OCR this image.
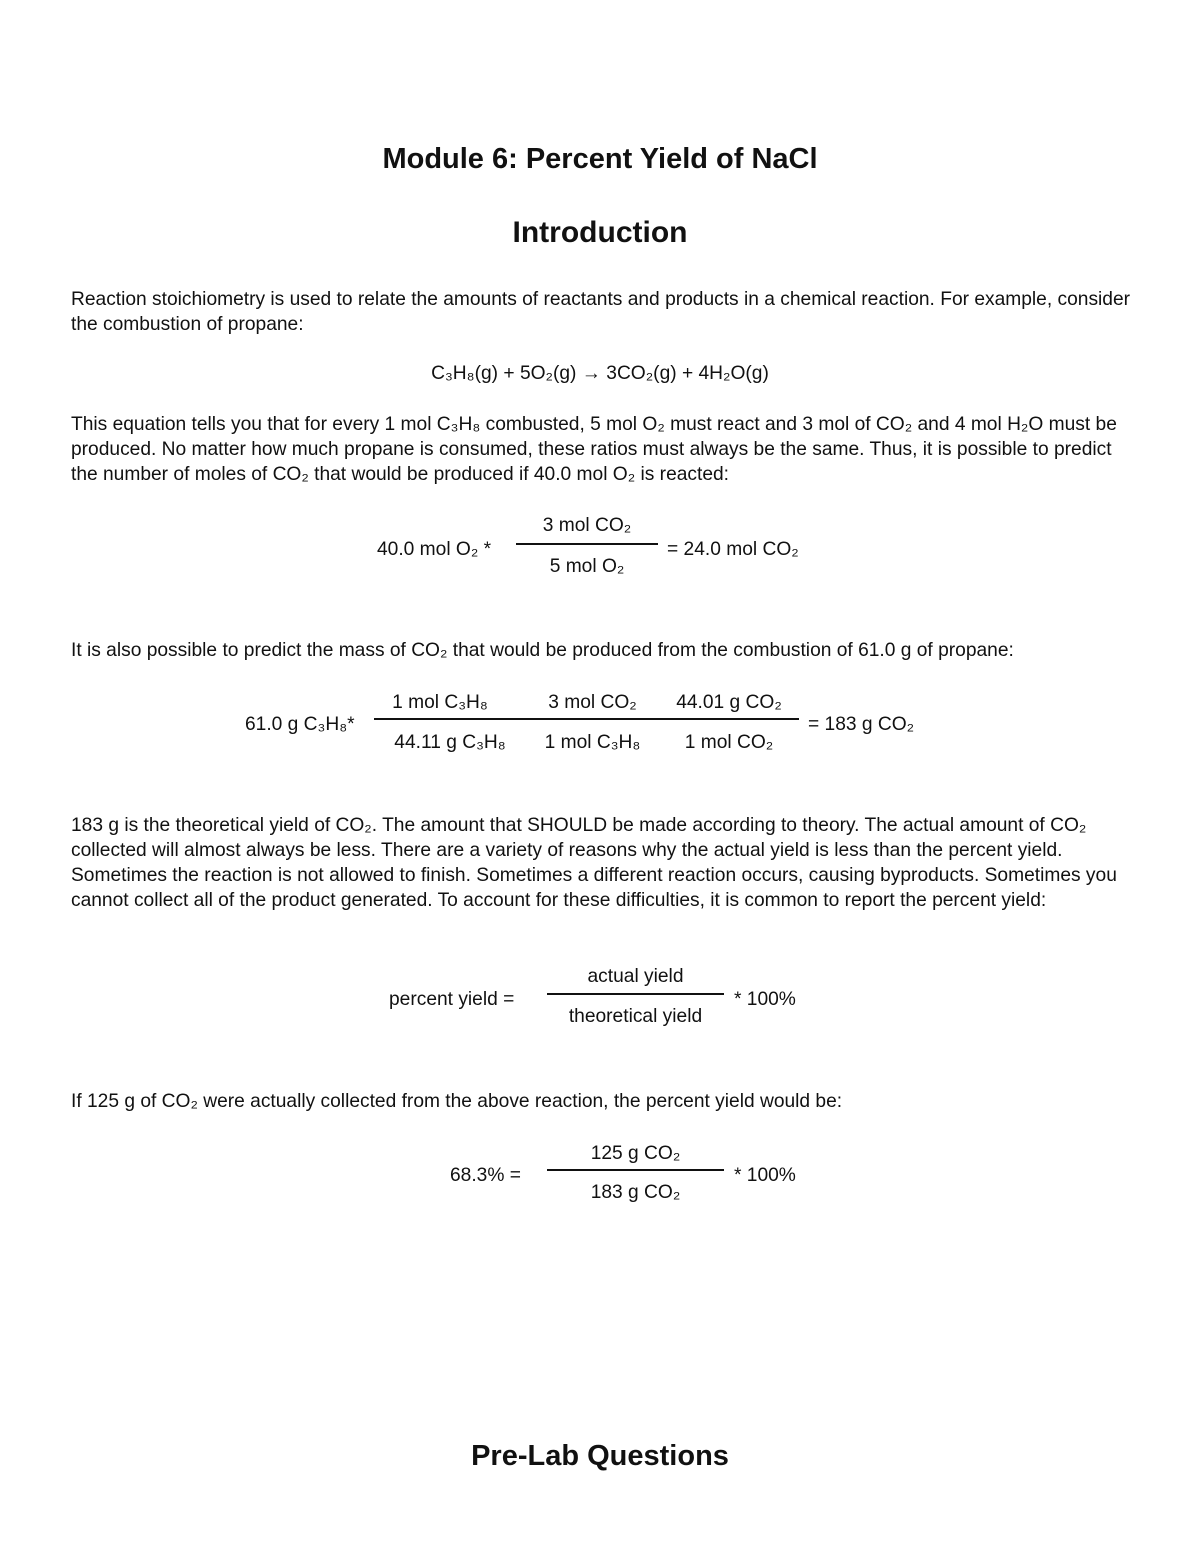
Module 6: Percent Yield of NaCl
Introduction
Reaction stoichiometry is used to relate the amounts of reactants and products in a chemical reaction. For example, consider the combustion of propane:
C₃H₈(g) + 5O₂(g) → 3CO₂(g) + 4H₂O(g)
This equation tells you that for every 1 mol C₃H₈ combusted, 5 mol O₂ must react and 3 mol of CO₂ and 4 mol H₂O must be produced. No matter how much propane is consumed, these ratios must always be the same. Thus, it is possible to predict the number of moles of CO₂ that would be produced if 40.0 mol O₂ is reacted:
40.0 mol O₂ *
3 mol CO₂
5 mol O₂
= 24.0 mol CO₂
It is also possible to predict the mass of CO₂ that would be produced from the combustion of 61.0 g of propane:
61.0 g C₃H₈*
1 mol C₃H₈
44.11 g C₃H₈
3 mol CO₂
1 mol C₃H₈
44.01 g CO₂
1 mol CO₂
= 183 g CO₂
183 g is the theoretical yield of CO₂. The amount that SHOULD be made according to theory. The actual amount of CO₂ collected will almost always be less. There are a variety of reasons why the actual yield is less than the percent yield. Sometimes the reaction is not allowed to finish. Sometimes a different reaction occurs, causing byproducts. Sometimes you cannot collect all of the product generated. To account for these difficulties, it is common to report the percent yield:
percent yield =
actual yield
theoretical yield
* 100%
If 125 g of CO₂ were actually collected from the above reaction, the percent yield would be:
68.3% =
125 g CO₂
183 g CO₂
* 100%
Pre-Lab Questions
